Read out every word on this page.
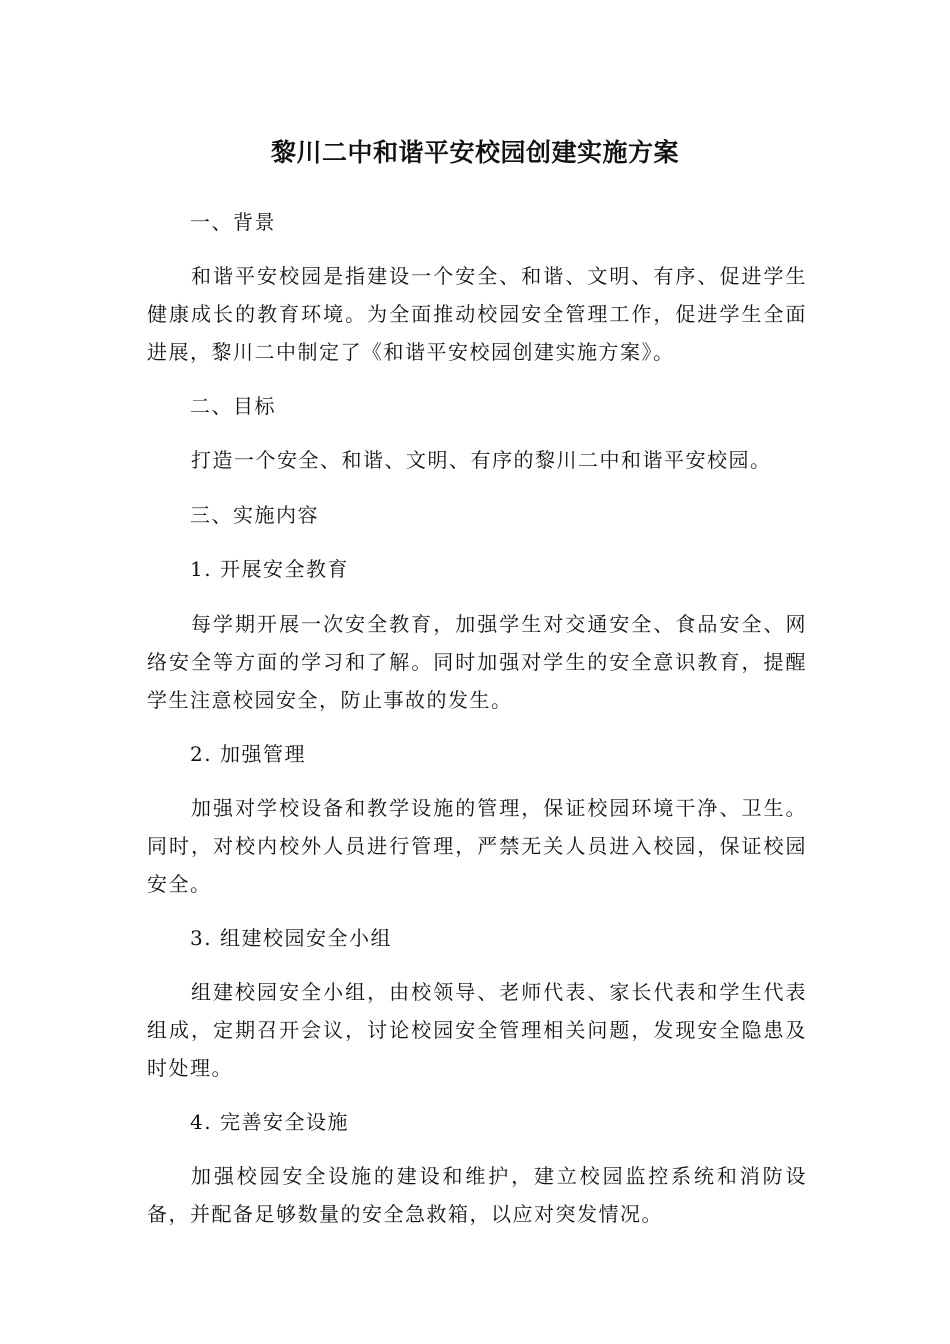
黎川二中和谐平安校园创建实施方案
一、背景
和谐平安校园是指建设一个安全、和谐、文明、有序、促进学生健康成长的教育环境。为全面推动校园安全管理工作，促进学生全面进展，黎川二中制定了《和谐平安校园创建实施方案》。
二、目标
打造一个安全、和谐、文明、有序的黎川二中和谐平安校园。
三、实施内容
1. 开展安全教育
每学期开展一次安全教育，加强学生对交通安全、食品安全、网络安全等方面的学习和了解。同时加强对学生的安全意识教育，提醒学生注意校园安全，防止事故的发生。
2. 加强管理
加强对学校设备和教学设施的管理，保证校园环境干净、卫生。同时，对校内校外人员进行管理，严禁无关人员进入校园，保证校园安全。
3. 组建校园安全小组
组建校园安全小组，由校领导、老师代表、家长代表和学生代表组成，定期召开会议，讨论校园安全管理相关问题，发现安全隐患及时处理。
4. 完善安全设施
加强校园安全设施的建设和维护，建立校园监控系统和消防设备，并配备足够数量的安全急救箱，以应对突发情况。
